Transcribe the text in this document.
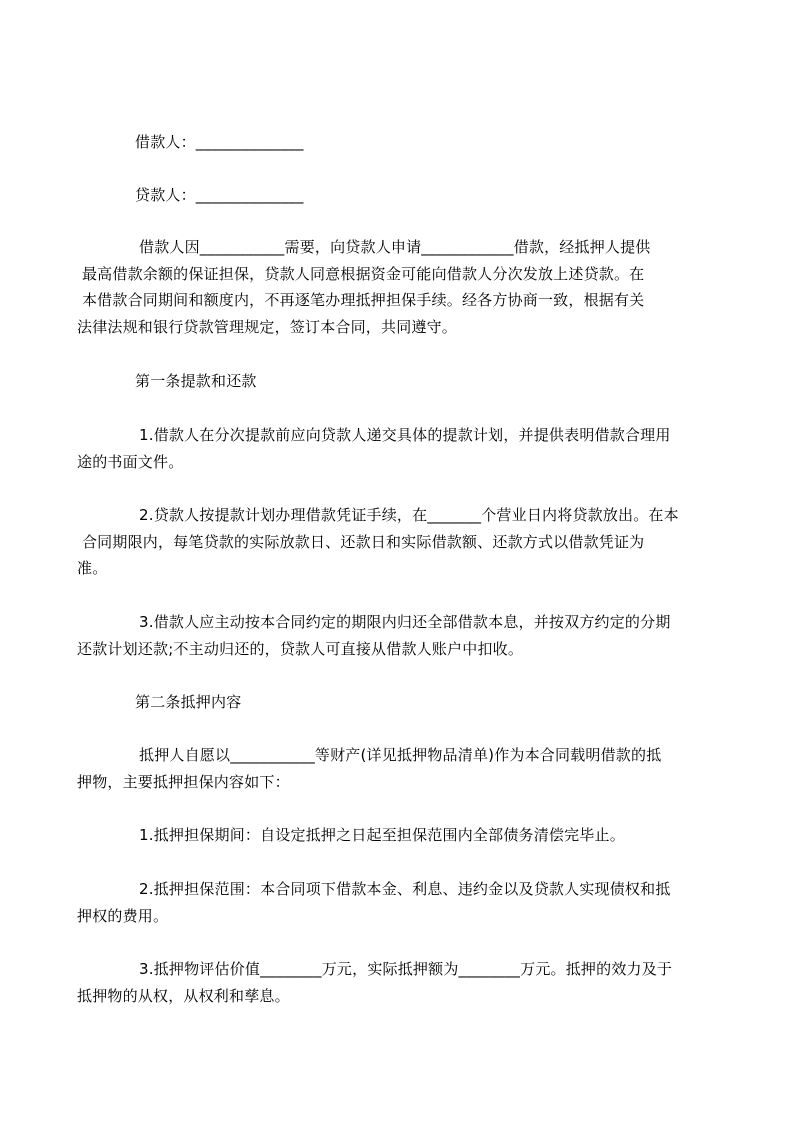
借款人：______________
贷款人：______________
借款人因___________需要，向贷款人申请____________借款，经抵押人提供
最高借款余额的保证担保，贷款人同意根据资金可能向借款人分次发放上述贷款。在
本借款合同期间和额度内，不再逐笔办理抵押担保手续。经各方协商一致，根据有关
法律法规和银行贷款管理规定，签订本合同，共同遵守。
第一条提款和还款
1.借款人在分次提款前应向贷款人递交具体的提款计划，并提供表明借款合理用
途的书面文件。
2.贷款人按提款计划办理借款凭证手续，在_______个营业日内将贷款放出。在本
合同期限内，每笔贷款的实际放款日、还款日和实际借款额、还款方式以借款凭证为
准。
3.借款人应主动按本合同约定的期限内归还全部借款本息，并按双方约定的分期
还款计划还款;不主动归还的，贷款人可直接从借款人账户中扣收。
第二条抵押内容
抵押人自愿以___________等财产(详见抵押物品清单)作为本合同载明借款的抵
押物，主要抵押担保内容如下：
1.抵押担保期间：自设定抵押之日起至担保范围内全部债务清偿完毕止。
2.抵押担保范围：本合同项下借款本金、利息、违约金以及贷款人实现债权和抵
押权的费用。
3.抵押物评估价值________万元，实际抵押额为________万元。抵押的效力及于
抵押物的从权，从权利和孳息。
